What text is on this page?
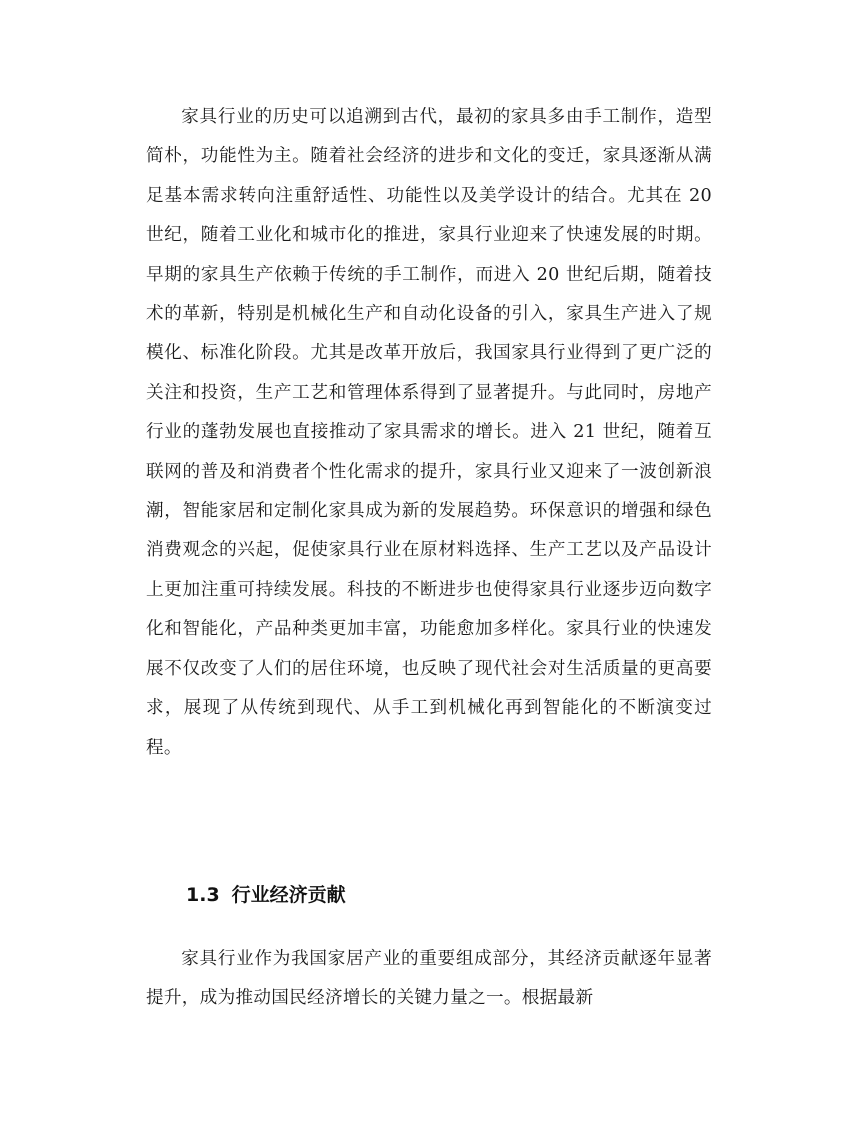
家具行业的历史可以追溯到古代，最初的家具多由手工制作，造型简朴，功能性为主。随着社会经济的进步和文化的变迁，家具逐渐从满足基本需求转向注重舒适性、功能性以及美学设计的结合。尤其在 20 世纪，随着工业化和城市化的推进，家具行业迎来了快速发展的时期。早期的家具生产依赖于传统的手工制作，而进入 20 世纪后期，随着技术的革新，特别是机械化生产和自动化设备的引入，家具生产进入了规模化、标准化阶段。尤其是改革开放后，我国家具行业得到了更广泛的关注和投资，生产工艺和管理体系得到了显著提升。与此同时，房地产行业的蓬勃发展也直接推动了家具需求的增长。进入 21 世纪，随着互联网的普及和消费者个性化需求的提升，家具行业又迎来了一波创新浪潮，智能家居和定制化家具成为新的发展趋势。环保意识的增强和绿色消费观念的兴起，促使家具行业在原材料选择、生产工艺以及产品设计上更加注重可持续发展。科技的不断进步也使得家具行业逐步迈向数字化和智能化，产品种类更加丰富，功能愈加多样化。家具行业的快速发展不仅改变了人们的居住环境，也反映了现代社会对生活质量的更高要求，展现了从传统到现代、从手工到机械化再到智能化的不断演变过程。

1.3 行业经济贡献

家具行业作为我国家居产业的重要组成部分，其经济贡献逐年显著提升，成为推动国民经济增长的关键力量之一。根据最新
